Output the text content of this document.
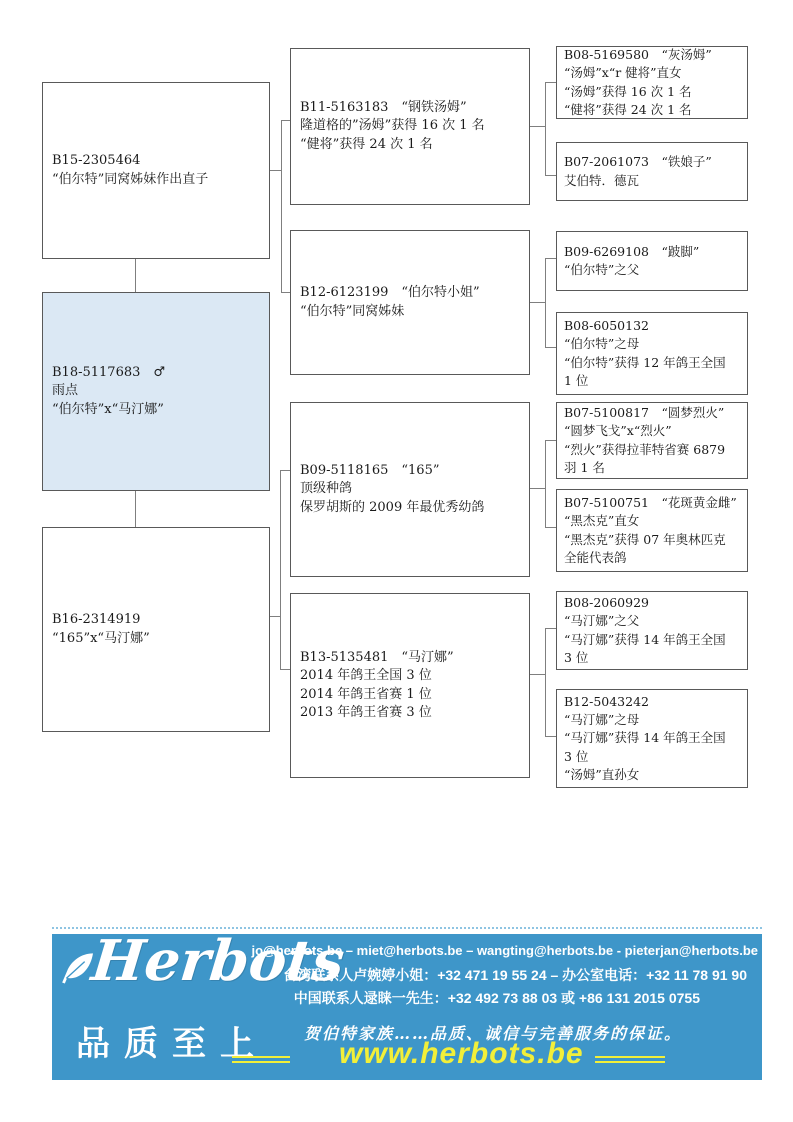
B15-2305464
“伯尔特”同窝姊妹作出直子
B18-5117683　♂
雨点
“伯尔特”x“马汀娜”
B16-2314919
“165”x“马汀娜”
B11-5163183　“钢铁汤姆”
隆道格的”汤姆”获得 16 次 1 名
“健将”获得 24 次 1 名
B12-6123199　“伯尔特小姐”
“伯尔特”同窝姊妹
B09-5118165　“165”
顶级种鸽
保罗胡斯的 2009 年最优秀幼鸽
B13-5135481　“马汀娜”
2014 年鸽王全国 3 位
2014 年鸽王省赛 1 位
2013 年鸽王省赛 3 位
B08-5169580　“灰汤姆”
“汤姆”x“r 健将”直女
“汤姆”获得 16 次 1 名
“健将”获得 24 次 1 名
B07-2061073　“铁娘子”
艾伯特．德瓦
B09-6269108　“跛脚”
“伯尔特”之父
B08-6050132
“伯尔特”之母
“伯尔特”获得 12 年鸽王全国
1 位
B07-5100817　“圆梦烈火”
“圆梦飞戈”x“烈火”
“烈火”获得拉菲特省赛 6879
羽 1 名
B07-5100751　“花斑黄金雌”
“黑杰克”直女
“黑杰克”获得 07 年奥林匹克
全能代表鸽
B08-2060929
“马汀娜”之父
“马汀娜”获得 14 年鸽王全国
3 位
B12-5043242
“马汀娜”之母
“马汀娜”获得 14 年鸽王全国
3 位
“汤姆”直孙女
Herbots
品质至上
jo@herbots.be – miet@herbots.be – wangting@herbots.be - pieterjan@herbots.be
台湾联系人卢婉婷小姐：+32 471 19 55 24 – 办公室电话：+32 11 78 91 90
中国联系人逯睐一先生：+32 492 73 88 03 或 +86 131 2015 0755
贺伯特家族……品质、诚信与完善服务的保证。
www.herbots.be
